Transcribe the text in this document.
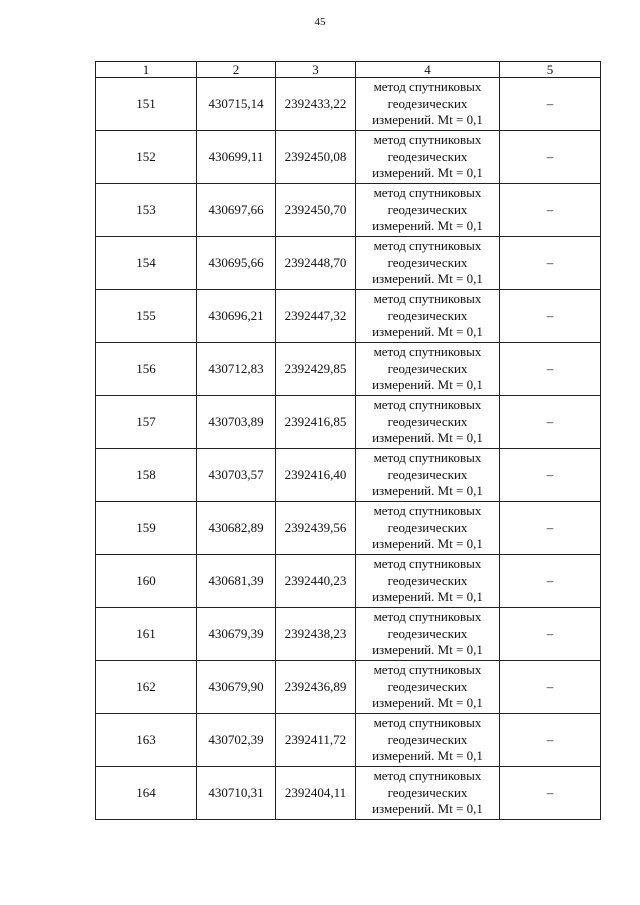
45
1	2	3	4	5
151	430715,14	2392433,22	метод спутниковых
геодезических
измерений. Mt = 0,1	–
152	430699,11	2392450,08	метод спутниковых
геодезических
измерений. Mt = 0,1	–
153	430697,66	2392450,70	метод спутниковых
геодезических
измерений. Mt = 0,1	–
154	430695,66	2392448,70	метод спутниковых
геодезических
измерений. Mt = 0,1	–
155	430696,21	2392447,32	метод спутниковых
геодезических
измерений. Mt = 0,1	–
156	430712,83	2392429,85	метод спутниковых
геодезических
измерений. Mt = 0,1	–
157	430703,89	2392416,85	метод спутниковых
геодезических
измерений. Mt = 0,1	–
158	430703,57	2392416,40	метод спутниковых
геодезических
измерений. Mt = 0,1	–
159	430682,89	2392439,56	метод спутниковых
геодезических
измерений. Mt = 0,1	–
160	430681,39	2392440,23	метод спутниковых
геодезических
измерений. Mt = 0,1	–
161	430679,39	2392438,23	метод спутниковых
геодезических
измерений. Mt = 0,1	–
162	430679,90	2392436,89	метод спутниковых
геодезических
измерений. Mt = 0,1	–
163	430702,39	2392411,72	метод спутниковых
геодезических
измерений. Mt = 0,1	–
164	430710,31	2392404,11	метод спутниковых
геодезических
измерений. Mt = 0,1	–
